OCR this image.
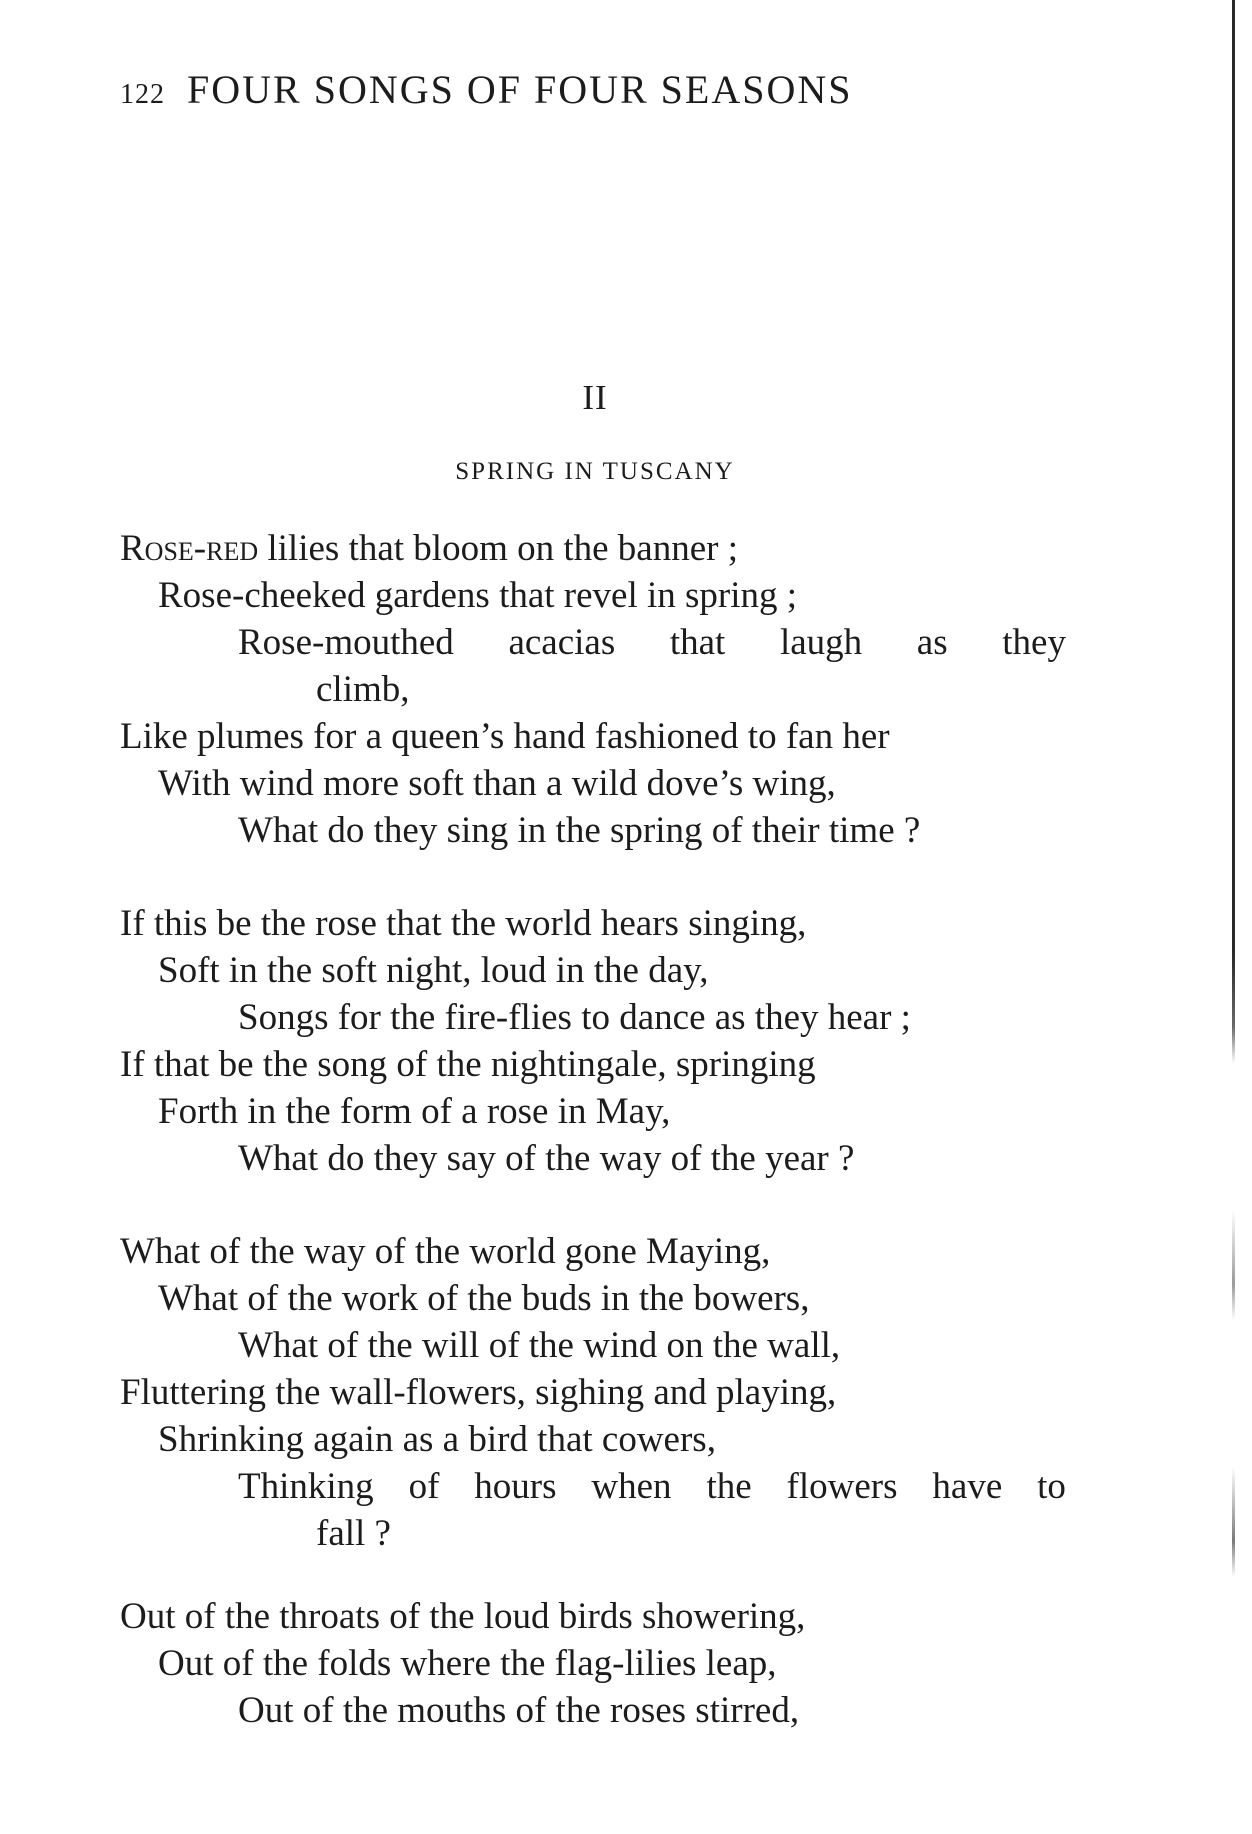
122 FOUR SONGS OF FOUR SEASONS
II
SPRING IN TUSCANY
Rose-red lilies that bloom on the banner ;
Rose-cheeked gardens that revel in spring ;
Rose-mouthed acacias that laugh as they
climb,
Like plumes for a queen’s hand fashioned to fan her
With wind more soft than a wild dove’s wing,
What do they sing in the spring of their time ?
If this be the rose that the world hears singing,
Soft in the soft night, loud in the day,
Songs for the fire-flies to dance as they hear ;
If that be the song of the nightingale, springing
Forth in the form of a rose in May,
What do they say of the way of the year ?
What of the way of the world gone Maying,
What of the work of the buds in the bowers,
What of the will of the wind on the wall,
Fluttering the wall-flowers, sighing and playing,
Shrinking again as a bird that cowers,
Thinking of hours when the flowers have to
fall ?
Out of the throats of the loud birds showering,
Out of the folds where the flag-lilies leap,
Out of the mouths of the roses stirred,
